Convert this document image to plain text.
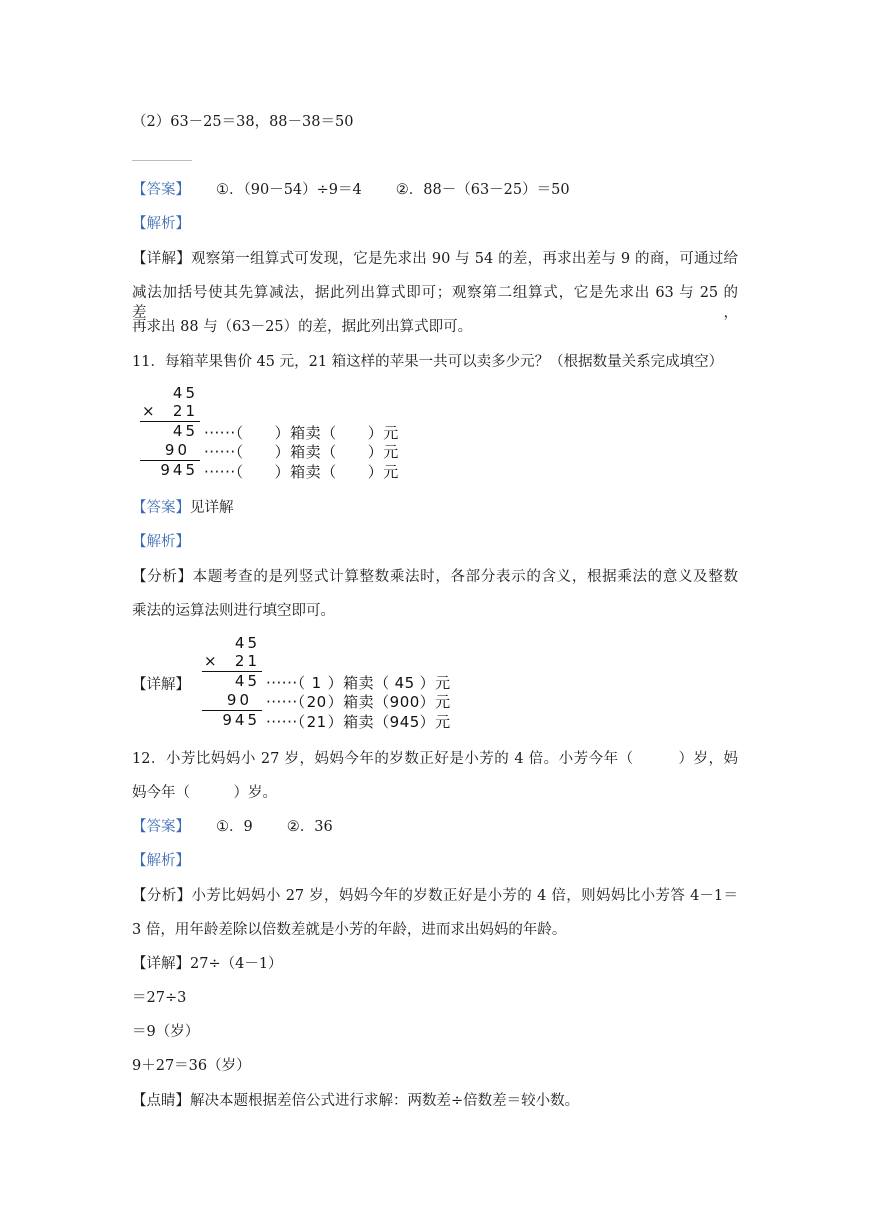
（2）63－25＝38，88－38＝50
【答案】 ①．（90－54）÷9＝4 ②．88－（63－25）＝50
【解析】
【详解】观察第一组算式可发现，它是先求出 90 与 54 的差，再求出差与 9 的商，可通过给
减法加括号使其先算减法，据此列出算式即可；观察第二组算式，它是先求出 63 与 25 的差，
再求出 88 与（63－25）的差，据此列出算式即可。
11．每箱苹果售价 45 元，21 箱这样的苹果一共可以卖多少元？（根据数量关系完成填空）
45
×	21
45 ······（　　 ）箱卖（　　 ）元
90 ······（　　 ）箱卖（　　 ）元
945 ······（　　 ）箱卖（　　 ）元
【答案】见详解
【解析】
【分析】本题考查的是列竖式计算整数乘法时，各部分表示的含义，根据乘法的意义及整数
乘法的运算法则进行填空即可。
【详解】
45
×	21
45 ······（ 1 ）箱卖（ 45 ）元
90 ······（20）箱卖（900）元
945 ······（21）箱卖（945）元
12．小芳比妈妈小 27 岁，妈妈今年的岁数正好是小芳的 4 倍。小芳今年（　　　）岁，妈
妈今年（　　　）岁。
【答案】 ①．9 ②．36
【解析】
【分析】小芳比妈妈小 27 岁，妈妈今年的岁数正好是小芳的 4 倍，则妈妈比小芳答 4－1＝
3 倍，用年龄差除以倍数差就是小芳的年龄，进而求出妈妈的年龄。
【详解】27÷（4－1）
＝27÷3
＝9（岁）
9＋27＝36（岁）
【点睛】解决本题根据差倍公式进行求解：两数差÷倍数差＝较小数。
